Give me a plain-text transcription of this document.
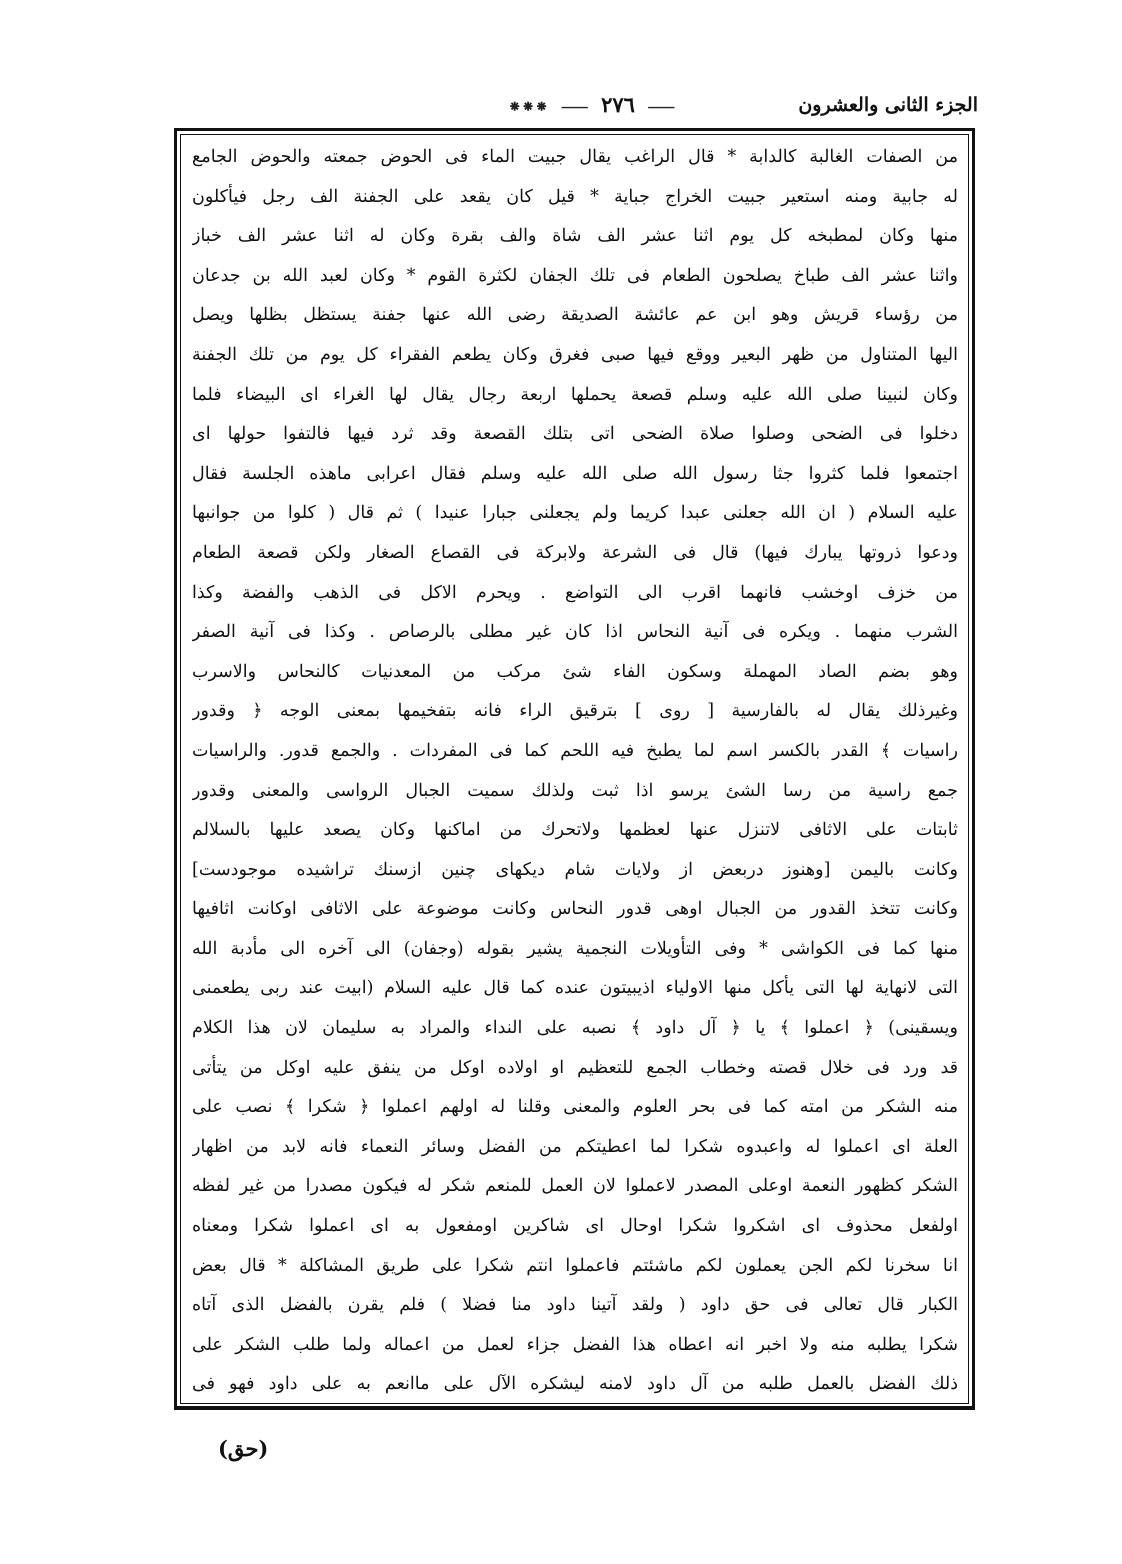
الجزء الثانى والعشرون
⁕⁕⁕  ⸺  ٢٧٦  ⸺
من الصفات الغالبة كالدابة * قال الراغب يقال جبيت الماء فى الحوض جمعته والحوض الجامع
له جابية ومنه استعير جبيت الخراج جباية * قيل كان يقعد على الجفنة الف رجل فيأكلون
منها وكان لمطبخه كل يوم اثنا عشر الف شاة والف بقرة وكان له اثنا عشر الف خباز
واثنا عشر الف طباخ يصلحون الطعام فى تلك الجفان لكثرة القوم * وكان لعبد الله بن جدعان
من رؤساء قريش وهو ابن عم عائشة الصديقة رضى الله عنها جفنة يستظل بظلها ويصل
اليها المتناول من ظهر البعير ووقع فيها صبى فغرق وكان يطعم الفقراء كل يوم من تلك الجفنة
وكان لنبينا صلى الله عليه وسلم قصعة يحملها اربعة رجال يقال لها الغراء اى البيضاء فلما
دخلوا فى الضحى وصلوا صلاة الضحى اتى بتلك القصعة وقد ثرد فيها فالتفوا حولها اى
اجتمعوا فلما كثروا جثا رسول الله صلى الله عليه وسلم فقال اعرابى ماهذه الجلسة فقال
عليه السلام ( ان الله جعلنى عبدا كريما ولم يجعلنى جبارا عنيدا ) ثم قال ( كلوا من جوانبها
ودعوا ذروتها يبارك فيها) قال فى الشرعة ولابركة فى القصاع الصغار ولكن قصعة الطعام
من خزف اوخشب فانهما اقرب الى التواضع . ويحرم الاكل فى الذهب والفضة وكذا
الشرب منهما . ويكره فى آنية النحاس اذا كان غير مطلى بالرصاص . وكذا فى آنية الصفر
وهو بضم الصاد المهملة وسكون الفاء شئ مركب من المعدنيات كالنحاس والاسرب
وغيرذلك يقال له بالفارسية [ روى ] بترقيق الراء فانه بتفخيمها بمعنى الوجه ﴿ وقدور
راسيات ﴾ القدر بالكسر اسم لما يطبخ فيه اللحم كما فى المفردات . والجمع قدور. والراسيات
جمع راسية من رسا الشئ يرسو اذا ثبت ولذلك سميت الجبال الرواسى والمعنى وقدور
ثابتات على الاثافى لاتنزل عنها لعظمها ولاتحرك من اماكنها وكان يصعد عليها بالسلالم
وكانت باليمن [وهنوز دربعض از ولايات شام ديكهاى چنين ازسنك تراشيده موجودست]
وكانت تتخذ القدور من الجبال اوهى قدور النحاس وكانت موضوعة على الاثافى اوكانت اثافيها
منها كما فى الكواشى * وفى التأويلات النجمية يشير بقوله (وجفان) الى آخره الى مأدبة الله
التى لانهاية لها التى يأكل منها الاولياء اذيبيتون عنده كما قال عليه السلام (ابيت عند ربى يطعمنى
ويسقينى) ﴿ اعملوا ﴾ يا ﴿ آل داود ﴾ نصبه على النداء والمراد به سليمان لان هذا الكلام
قد ورد فى خلال قصته وخطاب الجمع للتعظيم او اولاده اوكل من ينفق عليه اوكل من يتأتى
منه الشكر من امته كما فى بحر العلوم والمعنى وقلنا له اولهم اعملوا ﴿ شكرا ﴾ نصب على
العلة اى اعملوا له واعبدوه شكرا لما اعطيتكم من الفضل وسائر النعماء فانه لابد من اظهار
الشكر كظهور النعمة اوعلى المصدر لاعملوا لان العمل للمنعم شكر له فيكون مصدرا من غير لفظه
اولفعل محذوف اى اشكروا شكرا اوحال اى شاكرين اومفعول به اى اعملوا شكرا ومعناه
انا سخرنا لكم الجن يعملون لكم ماشئتم فاعملوا انتم شكرا على طريق المشاكلة * قال بعض
الكبار قال تعالى فى حق داود ( ولقد آتينا داود منا فضلا ) فلم يقرن بالفضل الذى آتاه
شكرا يطلبه منه ولا اخبر انه اعطاه هذا الفضل جزاء لعمل من اعماله ولما طلب الشكر على
ذلك الفضل بالعمل طلبه من آل داود لامنه ليشكره الآل على ماانعم به على داود فهو فى
(حق)
